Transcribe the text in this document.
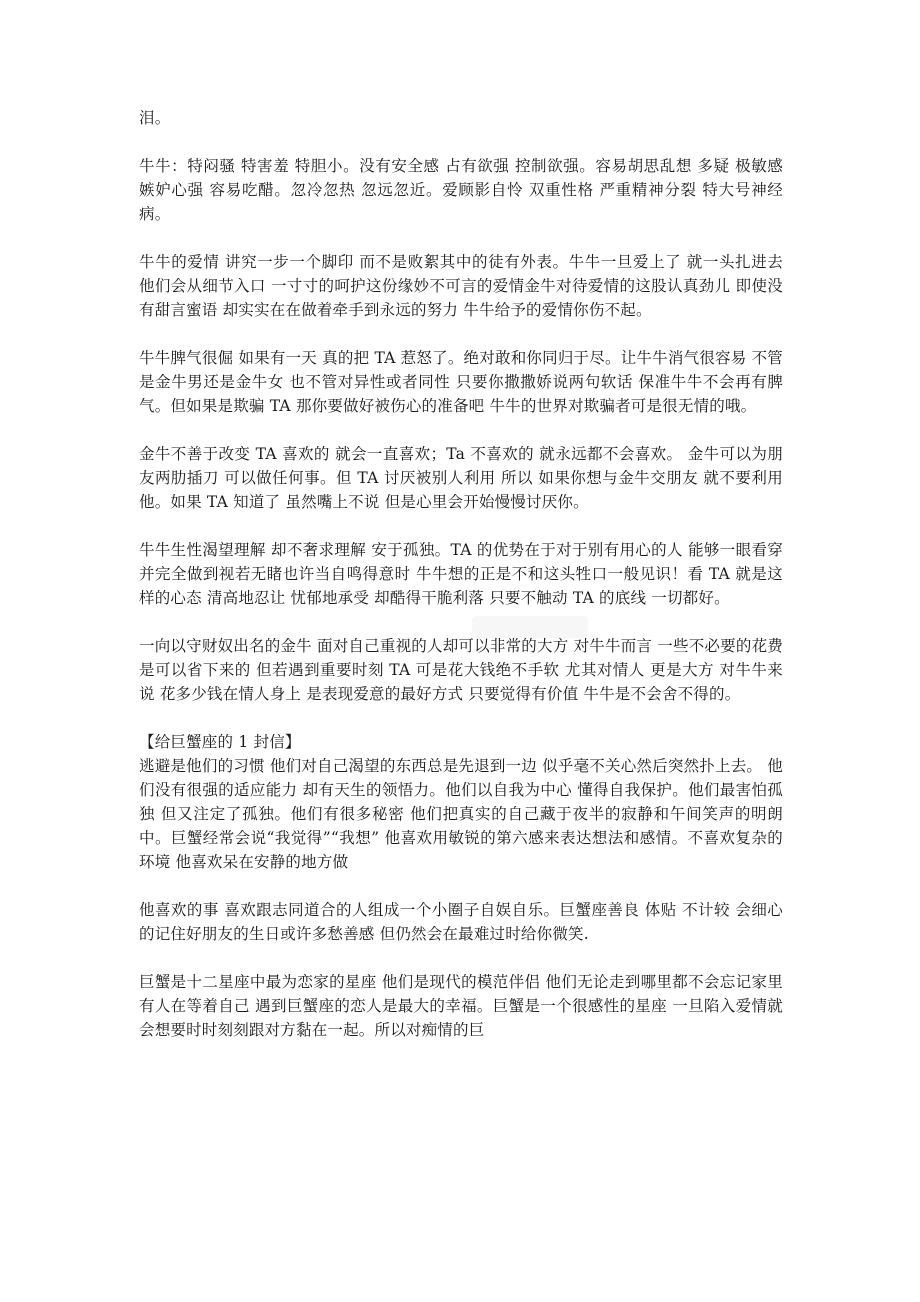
泪。

牛牛：特闷骚 特害羞 特胆小。没有安全感 占有欲强 控制欲强。容易胡思乱想 多疑 极敏感 嫉妒心强 容易吃醋。忽冷忽热 忽远忽近。爱顾影自怜 双重性格 严重精神分裂 特大号神经病。

牛牛的爱情 讲究一步一个脚印 而不是败絮其中的徒有外表。牛牛一旦爱上了 就一头扎进去 他们会从细节入口 一寸寸的呵护这份缘妙不可言的爱情金牛对待爱情的这股认真劲儿 即使没有甜言蜜语 却实实在在做着牵手到永远的努力 牛牛给予的爱情你伤不起。

牛牛脾气很倔 如果有一天 真的把 TA 惹怒了。绝对敢和你同归于尽。让牛牛消气很容易 不管是金牛男还是金牛女 也不管对异性或者同性 只要你撒撒娇说两句软话 保准牛牛不会再有脾气。但如果是欺骗 TA 那你要做好被伤心的准备吧 牛牛的世界对欺骗者可是很无情的哦。

金牛不善于改变 TA 喜欢的 就会一直喜欢；Ta 不喜欢的 就永远都不会喜欢。 金牛可以为朋友两肋插刀 可以做任何事。但 TA 讨厌被别人利用 所以 如果你想与金牛交朋友 就不要利用他。如果 TA 知道了 虽然嘴上不说 但是心里会开始慢慢讨厌你。

牛牛生性渴望理解 却不奢求理解 安于孤独。TA 的优势在于对于别有用心的人 能够一眼看穿 并完全做到视若无睹也许当自鸣得意时 牛牛想的正是不和这头牲口一般见识！看 TA 就是这样的心态 清高地忍让 忧郁地承受 却酷得干脆利落 只要不触动 TA 的底线 一切都好。

一向以守财奴出名的金牛 面对自己重视的人却可以非常的大方 对牛牛而言 一些不必要的花费是可以省下来的 但若遇到重要时刻 TA 可是花大钱绝不手软 尤其对情人 更是大方 对牛牛来说 花多少钱在情人身上 是表现爱意的最好方式 只要觉得有价值 牛牛是不会舍不得的。

【给巨蟹座的 1 封信】

逃避是他们的习惯 他们对自己渴望的东西总是先退到一边 似乎毫不关心然后突然扑上去。 他们没有很强的适应能力 却有天生的领悟力。他们以自我为中心 懂得自我保护。他们最害怕孤独 但又注定了孤独。他们有很多秘密 他们把真实的自己藏于夜半的寂静和午间笑声的明朗中。巨蟹经常会说“我觉得”“我想” 他喜欢用敏锐的第六感来表达想法和感情。不喜欢复杂的环境 他喜欢呆在安静的地方做

他喜欢的事 喜欢跟志同道合的人组成一个小圈子自娱自乐。巨蟹座善良 体贴 不计较 会细心的记住好朋友的生日或许多愁善感 但仍然会在最难过时给你微笑.

巨蟹是十二星座中最为恋家的星座 他们是现代的模范伴侣 他们无论走到哪里都不会忘记家里有人在等着自己 遇到巨蟹座的恋人是最大的幸福。巨蟹是一个很感性的星座 一旦陷入爱情就会想要时时刻刻跟对方黏在一起。所以对痴情的巨
